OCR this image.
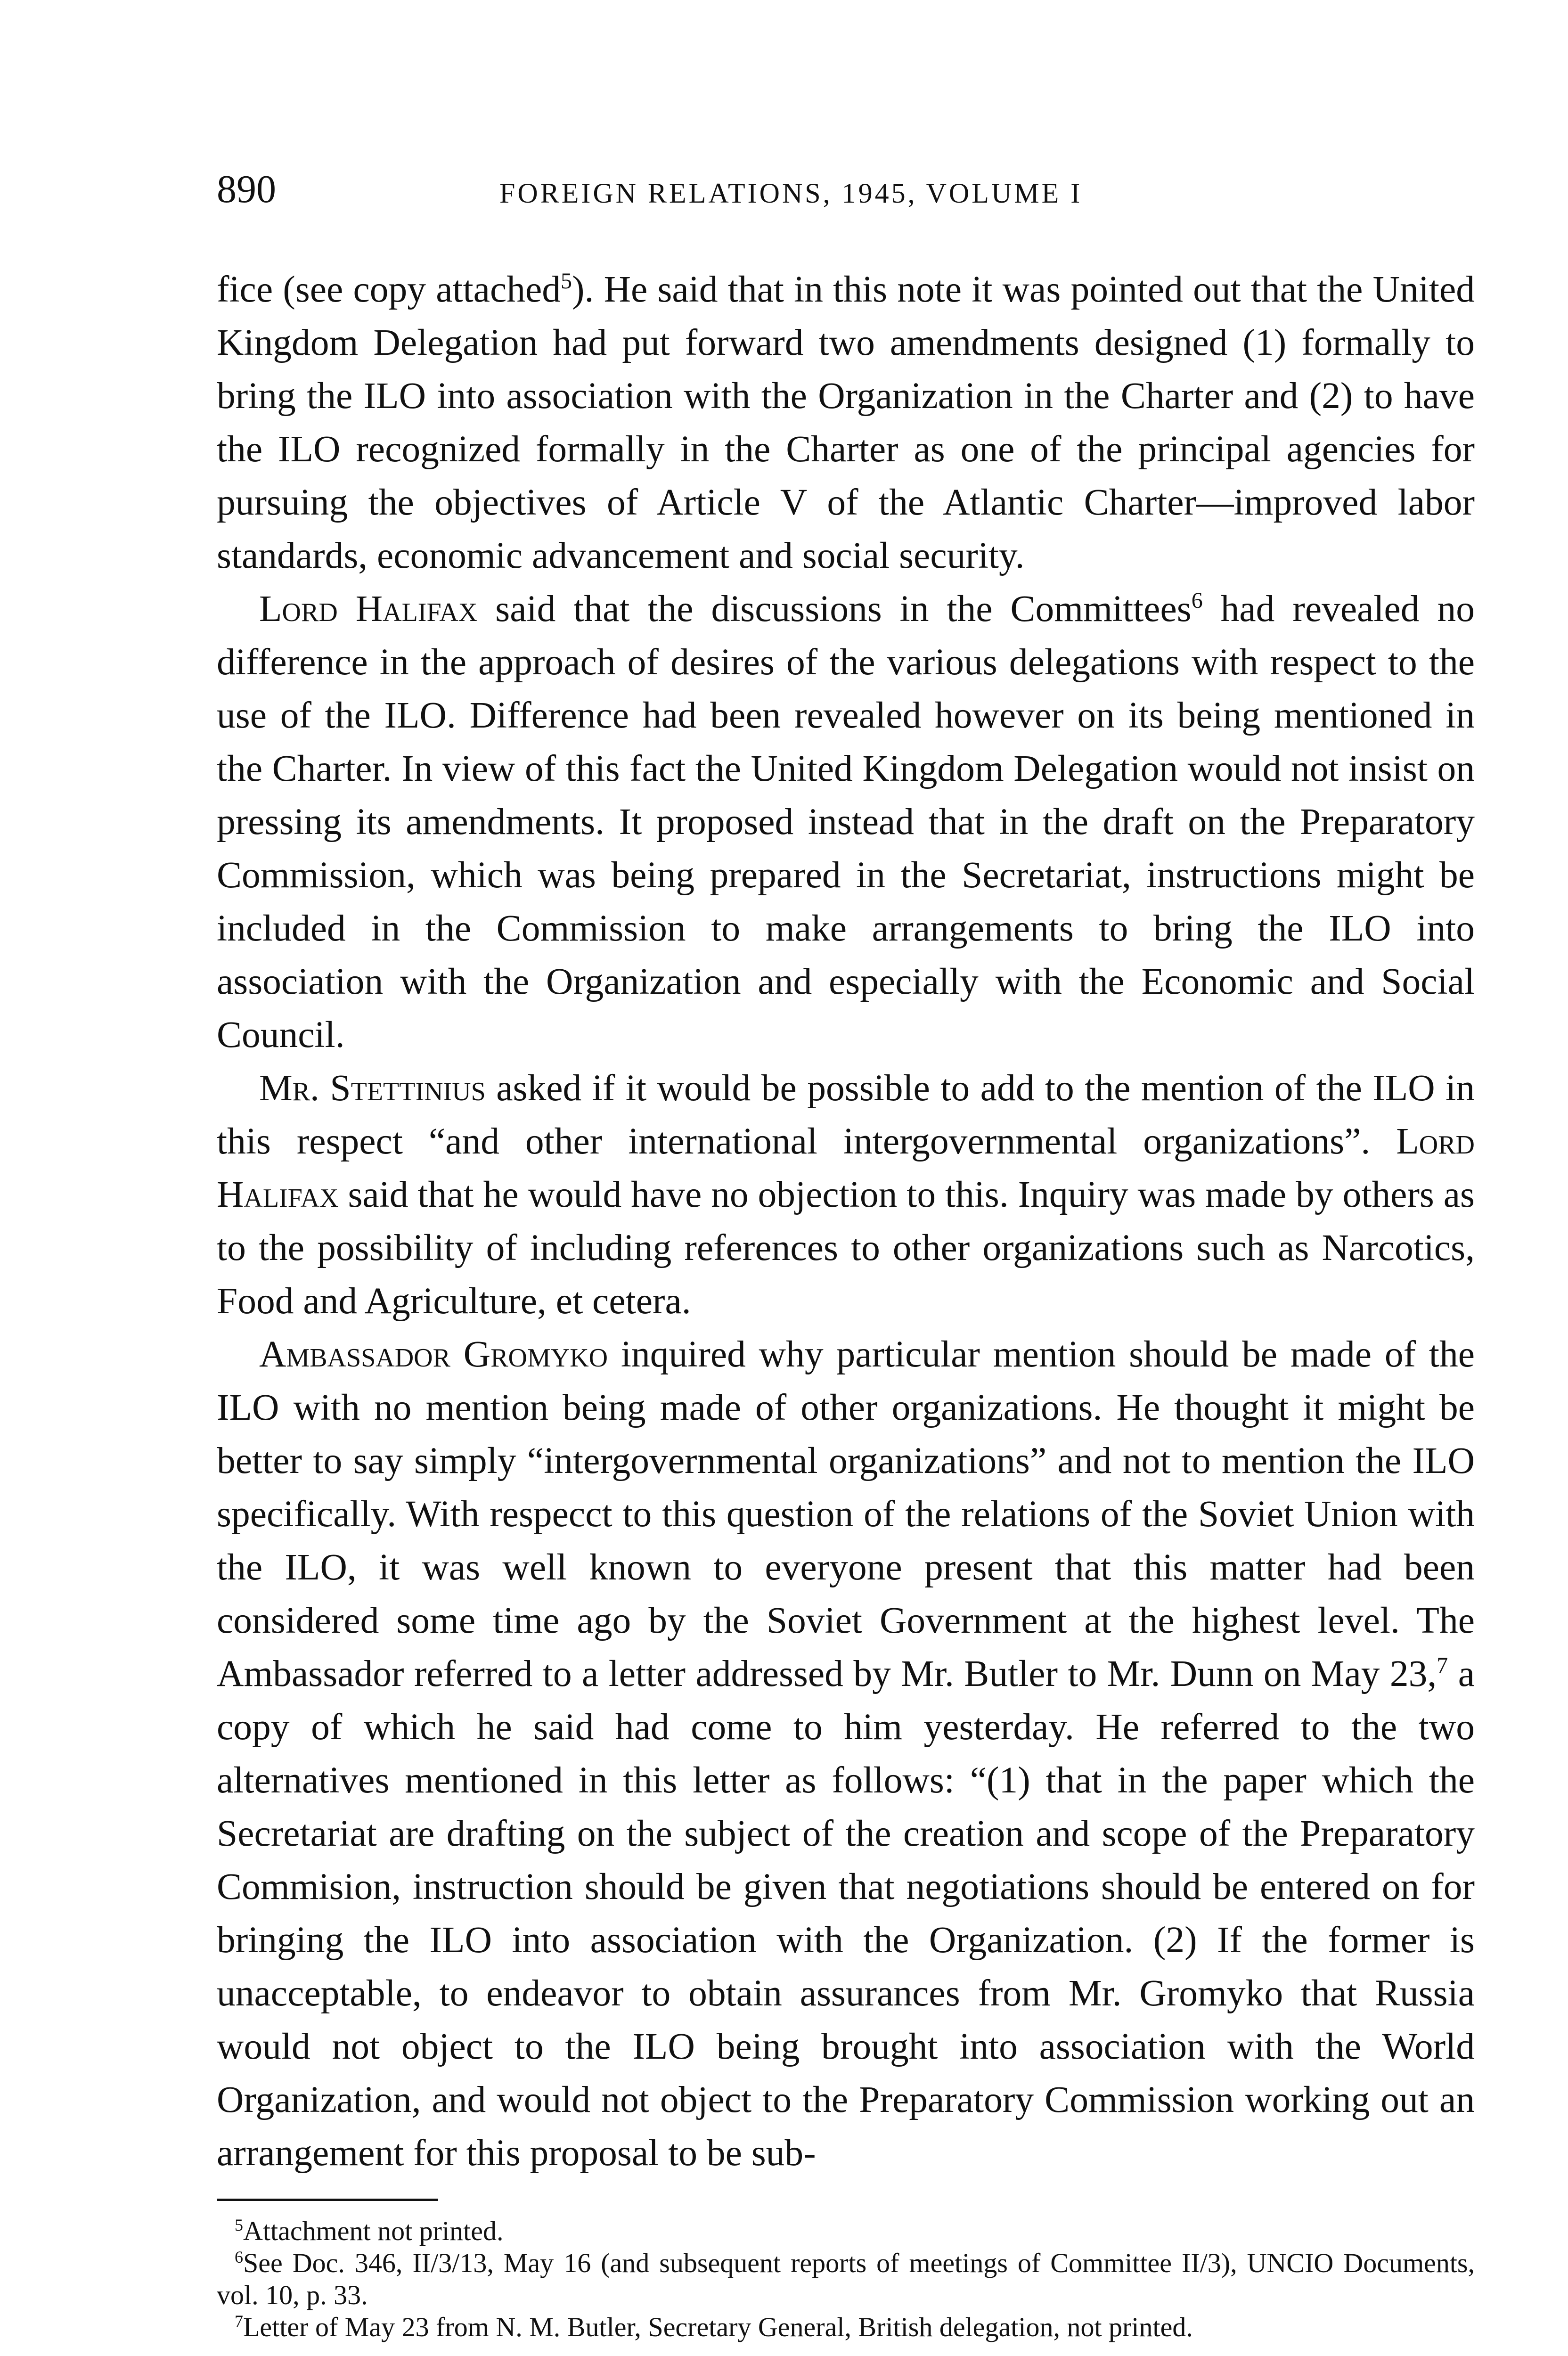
890	FOREIGN RELATIONS, 1945, VOLUME I

fice (see copy attached$^5$). He said that in this note it was pointed out that the United Kingdom Delegation had put forward two amendments designed (1) formally to bring the ILO into association with the Organization in the Charter and (2) to have the ILO recognized formally in the Charter as one of the principal agencies for pursuing the objectives of Article V of the Atlantic Charter—improved labor standards, economic advancement and social security.

Lord Halifax said that the discussions in the Committees$^6$ had revealed no difference in the approach of desires of the various delegations with respect to the use of the ILO. Difference had been revealed however on its being mentioned in the Charter. In view of this fact the United Kingdom Delegation would not insist on pressing its amendments. It proposed instead that in the draft on the Preparatory Commission, which was being prepared in the Secretariat, instructions might be included in the Commission to make arrangements to bring the ILO into association with the Organization and especially with the Economic and Social Council.

Mr. Stettinius asked if it would be possible to add to the mention of the ILO in this respect “and other international intergovernmental organizations”. Lord Halifax said that he would have no objection to this. Inquiry was made by others as to the possibility of including references to other organizations such as Narcotics, Food and Agriculture, et cetera.

Ambassador Gromyko inquired why particular mention should be made of the ILO with no mention being made of other organizations. He thought it might be better to say simply “intergovernmental organizations” and not to mention the ILO specifically. With respecct to this question of the relations of the Soviet Union with the ILO, it was well known to everyone present that this matter had been considered some time ago by the Soviet Government at the highest level. The Ambassador referred to a letter addressed by Mr. Butler to Mr. Dunn on May 23,$^7$ a copy of which he said had come to him yesterday. He referred to the two alternatives mentioned in this letter as follows: “(1) that in the paper which the Secretariat are drafting on the subject of the creation and scope of the Preparatory Commision, instruction should be given that negotiations should be entered on for bringing the ILO into association with the Organization. (2) If the former is unacceptable, to endeavor to obtain assurances from Mr. Gromyko that Russia would not object to the ILO being brought into association with the World Organization, and would not object to the Preparatory Commission working out an arrangement for this proposal to be sub-

$^5$Attachment not printed.

$^6$See Doc. 346, II/3/13, May 16 (and subsequent reports of meetings of Committee II/3), UNCIO Documents, vol. 10, p. 33.

$^7$Letter of May 23 from N. M. Butler, Secretary General, British delegation, not printed.
